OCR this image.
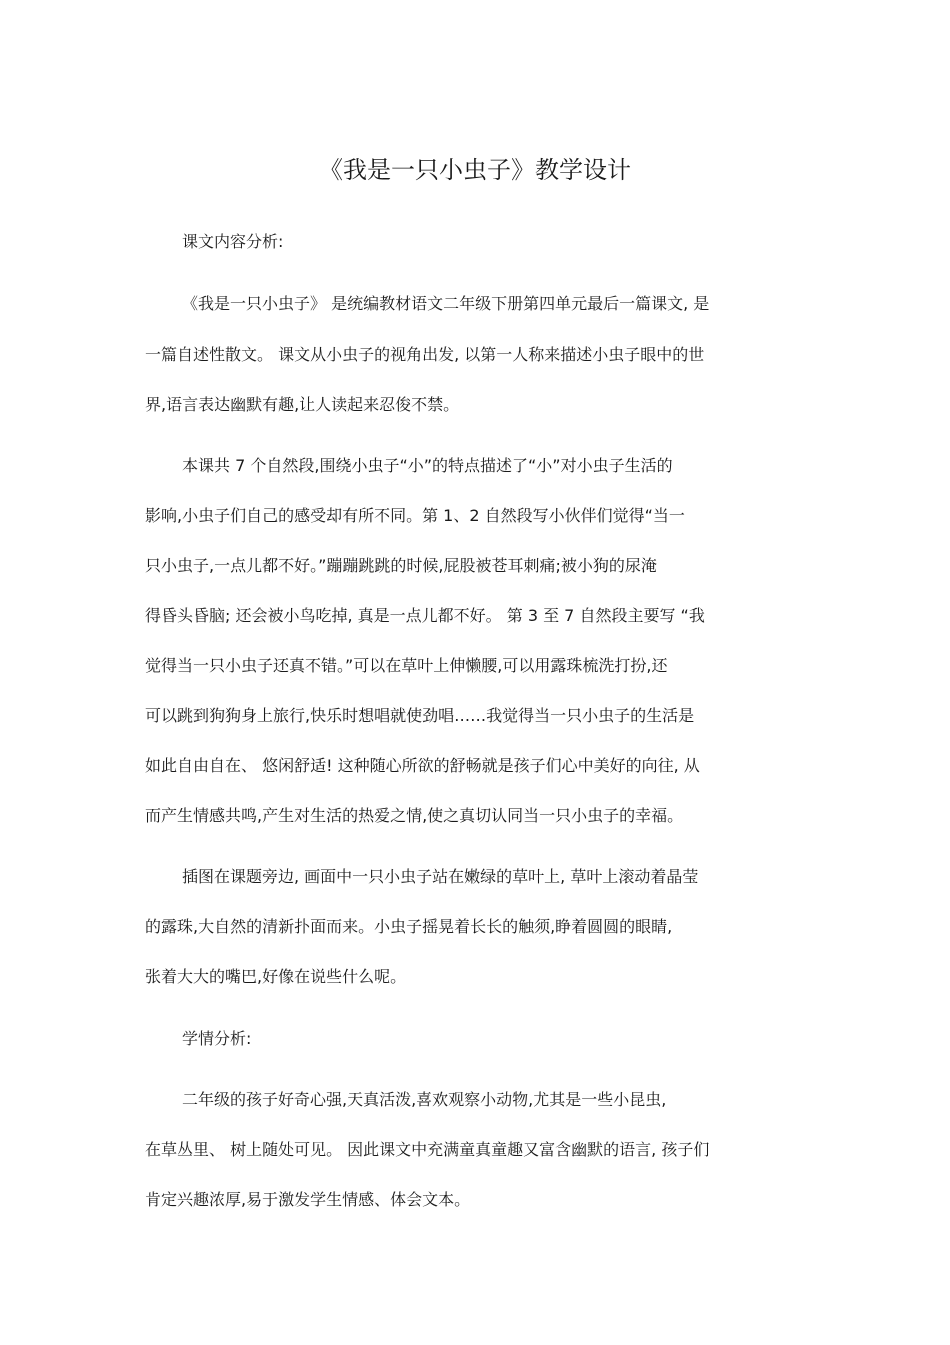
《我是一只小虫子》教学设计

课文内容分析:

《我是一只小虫子》 是统编教材语文二年级下册第四单元最后一篇课文, 是

一篇自述性散文。 课文从小虫子的视角出发, 以第一人称来描述小虫子眼中的世

界,语言表达幽默有趣,让人读起来忍俊不禁。

本课共 7 个自然段,围绕小虫子“小”的特点描述了“小”对小虫子生活的

影响,小虫子们自己的感受却有所不同。第 1、2 自然段写小伙伴们觉得“当一

只小虫子,一点儿都不好。”蹦蹦跳跳的时候,屁股被苍耳刺痛;被小狗的尿淹

得昏头昏脑; 还会被小鸟吃掉, 真是一点儿都不好。 第 3 至 7 自然段主要写 “我

觉得当一只小虫子还真不错。”可以在草叶上伸懒腰,可以用露珠梳洗打扮,还

可以跳到狗狗身上旅行,快乐时想唱就使劲唱……我觉得当一只小虫子的生活是

如此自由自在、 悠闲舒适! 这种随心所欲的舒畅就是孩子们心中美好的向往, 从

而产生情感共鸣,产生对生活的热爱之情,使之真切认同当一只小虫子的幸福。

插图在课题旁边, 画面中一只小虫子站在嫩绿的草叶上, 草叶上滚动着晶莹

的露珠,大自然的清新扑面而来。小虫子摇晃着长长的触须,睁着圆圆的眼睛,

张着大大的嘴巴,好像在说些什么呢。

学情分析:

二年级的孩子好奇心强,天真活泼,喜欢观察小动物,尤其是一些小昆虫,

在草丛里、 树上随处可见。 因此课文中充满童真童趣又富含幽默的语言, 孩子们

肯定兴趣浓厚,易于激发学生情感、体会文本。
